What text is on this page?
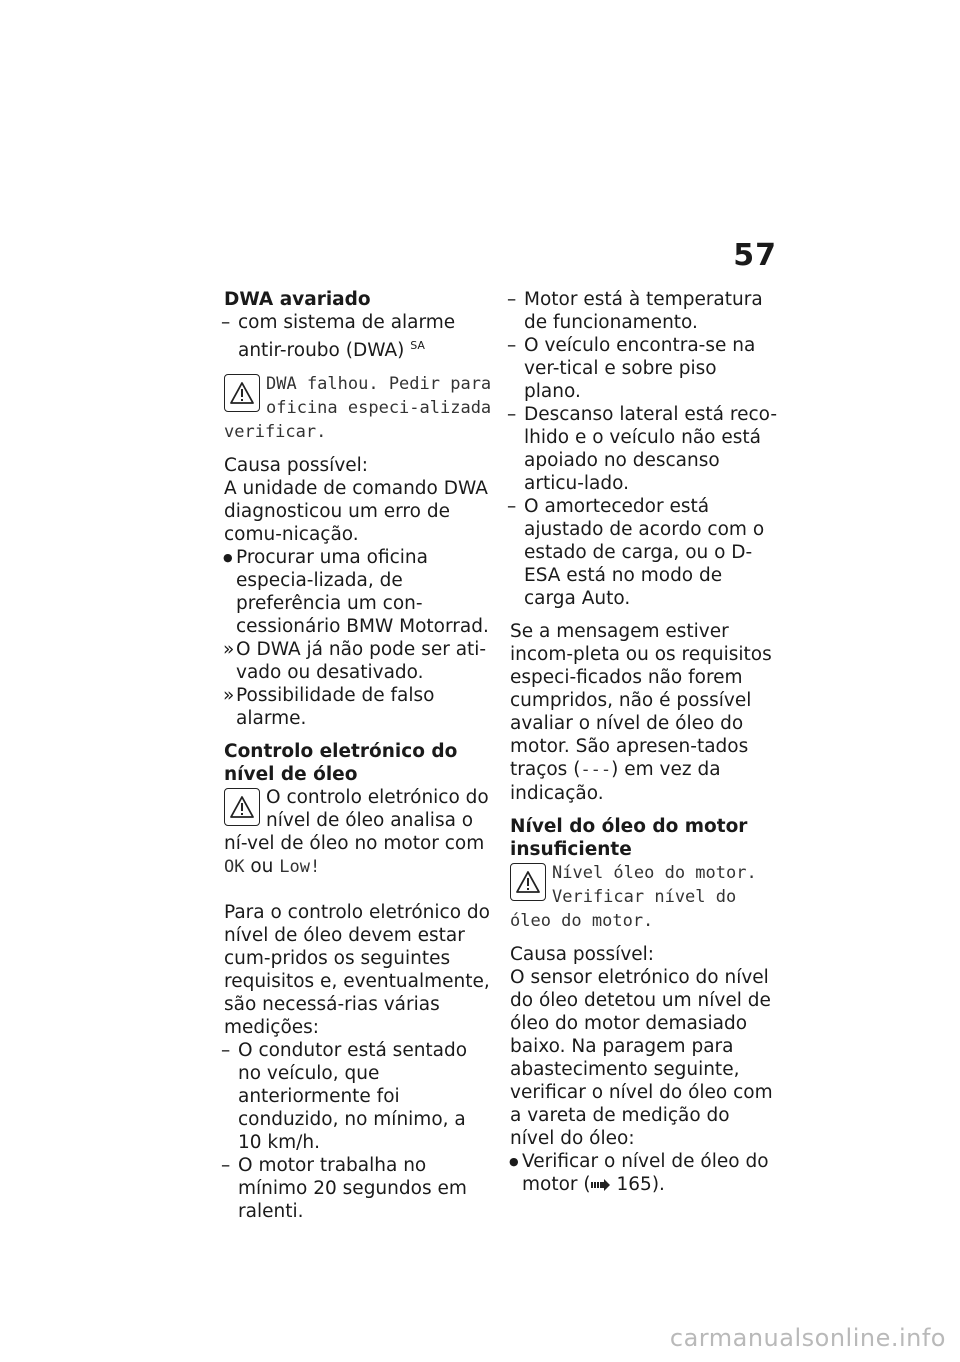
57

DWA avariado

– com sistema de alarme antir-roubo (DWA) $^{SA}$

DWA falhou. Pedir para oficina especi-alizada verificar.

Causa possível:

A unidade de comando DWA diagnosticou um erro de comu-nicação.

● Procurar uma oficina especia-lizada, de preferência um con-cessionário BMW Motorrad.

» O DWA já não pode ser ati-vado ou desativado.

» Possibilidade de falso alarme.

Controlo eletrónico do nível de óleo

O controlo eletrónico do nível de óleo analisa o ní-vel de óleo no motor com OK ou Low!

Para o controlo eletrónico do nível de óleo devem estar cum-pridos os seguintes requisitos e, eventualmente, são necessá-rias várias medições:

– O condutor está sentado no veículo, que anteriormente foi conduzido, no mínimo, a 10 km/h.

– O motor trabalha no mínimo 20 segundos em ralenti.

– Motor está à temperatura de funcionamento.

– O veículo encontra-se na ver-tical e sobre piso plano.

– Descanso lateral está reco-lhido e o veículo não está apoiado no descanso articu-lado.

– O amortecedor está ajustado de acordo com o estado de carga, ou o D-ESA está no modo de carga Auto.

Se a mensagem estiver incom-pleta ou os requisitos especi-ficados não forem cumpridos, não é possível avaliar o nível de óleo do motor. São apresen-tados traços (---) em vez da indicação.

Nível do óleo do motor insuficiente

Nível óleo do motor. Verificar nível do óleo do motor.

Causa possível:

O sensor eletrónico do nível do óleo detetou um nível de óleo do motor demasiado baixo. Na paragem para abastecimento seguinte, verificar o nível do óleo com a vareta de medição do nível do óleo:

● Verificar o nível de óleo do motor ( 165).

carmanualsonline.info
